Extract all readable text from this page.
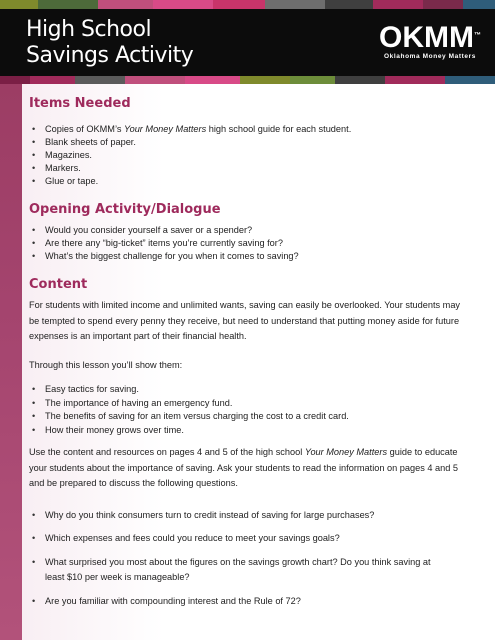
High School
Savings Activity
OKMM™
Oklahoma Money Matters
Items Needed
• Copies of OKMM’s Your Money Matters high school guide for each student.
• Blank sheets of paper.
• Magazines.
• Markers.
• Glue or tape.
Opening Activity/Dialogue
• Would you consider yourself a saver or a spender?
• Are there any “big-ticket” items you’re currently saving for?
• What’s the biggest challenge for you when it comes to saving?
Content

For students with limited income and unlimited wants, saving can easily be overlooked. Your students may be tempted to spend every penny they receive, but need to understand that putting money aside for future expenses is an important part of their financial health.

Through this lesson you’ll show them:

• Easy tactics for saving.
• The importance of having an emergency fund.
• The benefits of saving for an item versus charging the cost to a credit card.
• How their money grows over time.

Use the content and resources on pages 4 and 5 of the high school Your Money Matters guide to educate your students about the importance of saving. Ask your students to read the information on pages 4 and 5 and be prepared to discuss the following questions.

• Why do you think consumers turn to credit instead of saving for large purchases?
• Which expenses and fees could you reduce to meet your savings goals?
• What surprised you most about the figures on the savings growth chart? Do you think saving at least $10 per week is manageable?
• Are you familiar with compounding interest and the Rule of 72?
